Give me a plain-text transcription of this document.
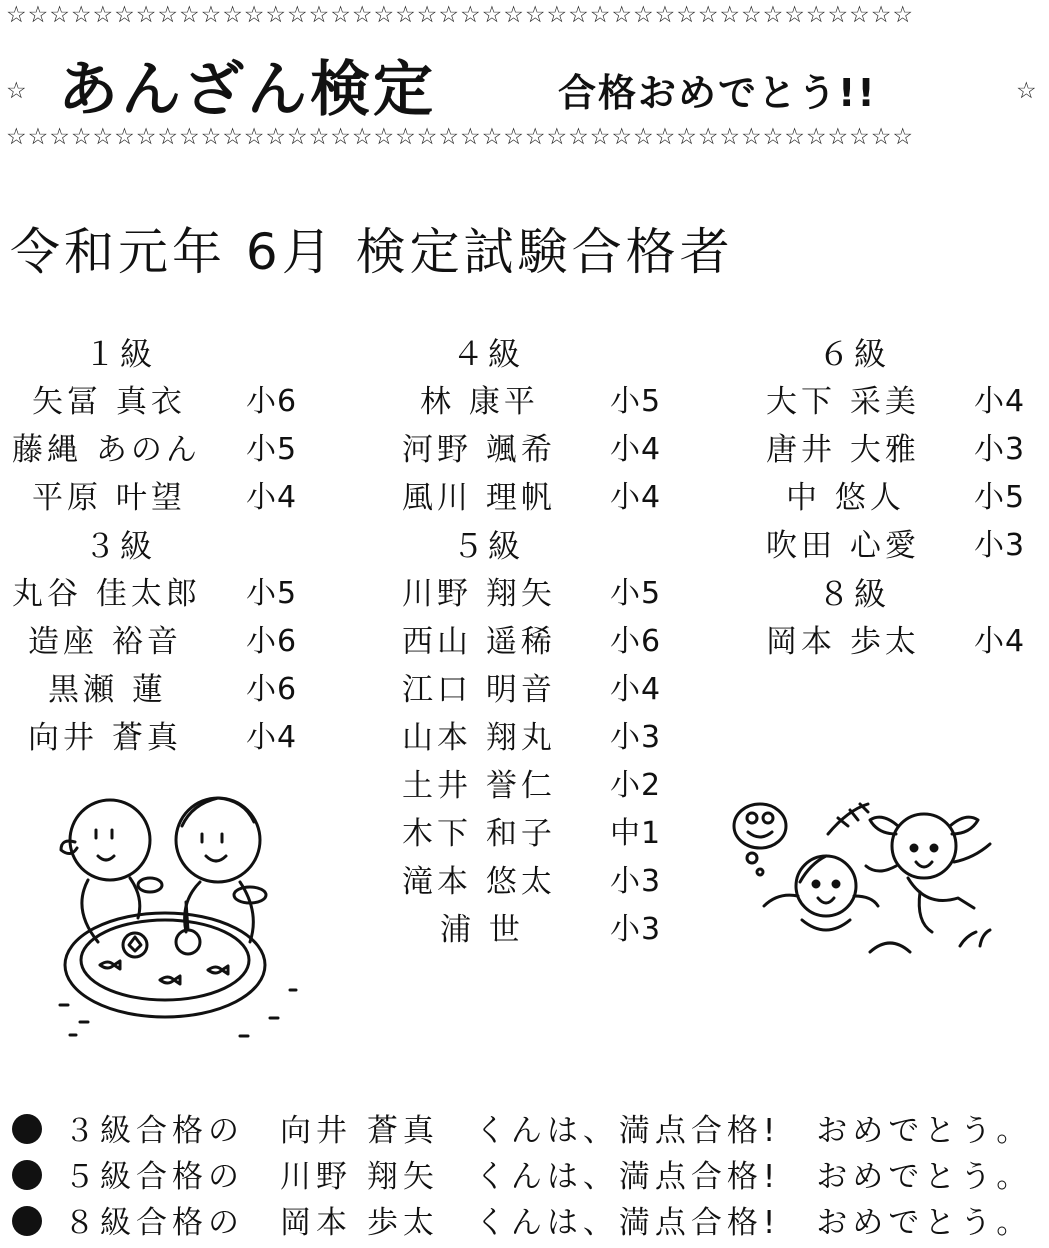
☆☆☆☆☆☆☆☆☆☆☆☆☆☆☆☆☆☆☆☆☆☆☆☆☆☆☆☆☆☆☆☆☆☆☆☆☆☆☆☆☆☆
☆ あんざん検定	合格おめでとう!!	☆
☆☆☆☆☆☆☆☆☆☆☆☆☆☆☆☆☆☆☆☆☆☆☆☆☆☆☆☆☆☆☆☆☆☆☆☆☆☆☆☆☆☆
令和元年 6月 検定試験合格者
１級
矢冨 真衣 小6
藤縄 あのん 小5
平原 叶望 小4
３級
丸谷 佳太郎 小5
造座 裕音 小6
黒瀬 蓮	小6
向井 蒼真 小4
４級
林 康平 小5
河野 颯希 小4
風川 理帆 小4
５級
川野 翔矢 小5
西山 遥稀 小6
江口 明音 小4
山本 翔丸 小3
土井 誉仁 小2
木下 和子 中1
滝本 悠太 小3
浦 世	小3
６級
大下 采美 小4
唐井 大雅 小3
中 悠人 小5
吹田 心愛 小3
８級
岡本 歩太 小4
３級合格の　 向井 蒼真　 くんは、満点合格!　おめでとう。
５級合格の　 川野 翔矢　 くんは、満点合格!　おめでとう。
８級合格の　 岡本 歩太　 くんは、満点合格!　おめでとう。
